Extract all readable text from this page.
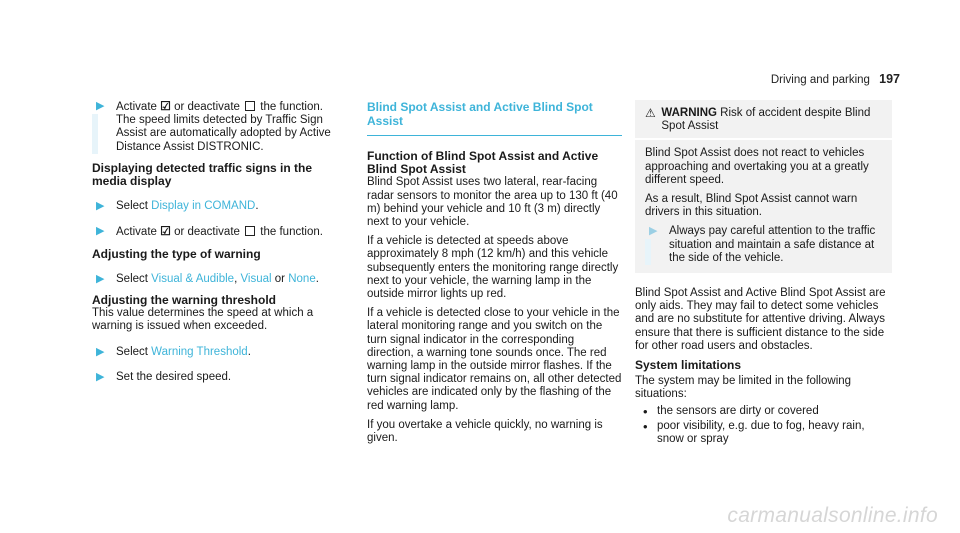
Driving and parking 197
▶ Activate ☑ or deactivate  the function.
The speed limits detected by Traffic Sign Assist are automatically adopted by Active Distance Assist DISTRONIC.
Displaying detected traffic signs in the media display
▶ Select Display in COMAND.
▶ Activate ☑ or deactivate  the function.
Adjusting the type of warning
▶ Select Visual & Audible, Visual or None.
Adjusting the warning threshold

This value determines the speed at which a warning is issued when exceeded.

▶ Select Warning Threshold.
▶ Set the desired speed.
Blind Spot Assist and Active Blind Spot Assist
Function of Blind Spot Assist and Active Blind Spot Assist

Blind Spot Assist uses two lateral, rear-facing radar sensors to monitor the area up to 130 ft (40 m) behind your vehicle and 10 ft (3 m) directly next to your vehicle.

If a vehicle is detected at speeds above approximately 8 mph (12 km/h) and this vehicle subsequently enters the monitoring range directly next to your vehicle, the warning lamp in the outside mirror lights up red.

If a vehicle is detected close to your vehicle in the lateral monitoring range and you switch on the turn signal indicator in the corresponding direction, a warning tone sounds once. The red warning lamp in the outside mirror flashes. If the turn signal indicator remains on, all other detected vehicles are indicated only by the flashing of the red warning lamp.

If you overtake a vehicle quickly, no warning is given.

⚠ WARNING Risk of accident despite Blind Spot Assist

Blind Spot Assist does not react to vehicles approaching and overtaking you at a greatly different speed.

As a result, Blind Spot Assist cannot warn drivers in this situation.

▶ Always pay careful attention to the traffic situation and maintain a safe distance at the side of the vehicle.

Blind Spot Assist and Active Blind Spot Assist are only aids. They may fail to detect some vehicles and are no substitute for attentive driving. Always ensure that there is sufficient distance to the side for other road users and obstacles.

System limitations

The system may be limited in the following situations:

• the sensors are dirty or covered
• poor visibility, e.g. due to fog, heavy rain, snow or spray
carmanualsonline.info
